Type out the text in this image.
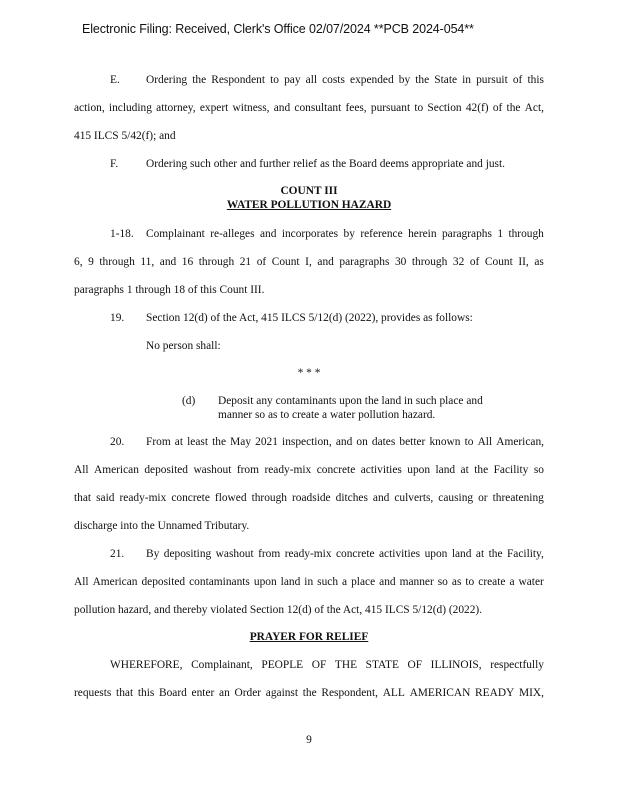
Electronic Filing: Received, Clerk's Office 02/07/2024 **PCB 2024-054**
E. Ordering the Respondent to pay all costs expended by the State in pursuit of this
action, including attorney, expert witness, and consultant fees, pursuant to Section 42(f) of the Act,
415 ILCS 5/42(f); and
F. Ordering such other and further relief as the Board deems appropriate and just.
COUNT III
WATER POLLUTION HAZARD
1-18. Complainant re-alleges and incorporates by reference herein paragraphs 1 through
6, 9 through 11, and 16 through 21 of Count I, and paragraphs 30 through 32 of Count II, as
paragraphs 1 through 18 of this Count III.
19. Section 12(d) of the Act, 415 ILCS 5/12(d) (2022), provides as follows:
No person shall:
* * *
(d) Deposit any contaminants upon the land in such place and
manner so as to create a water pollution hazard.
20. From at least the May 2021 inspection, and on dates better known to All American,
All American deposited washout from ready-mix concrete activities upon land at the Facility so
that said ready-mix concrete flowed through roadside ditches and culverts, causing or threatening
discharge into the Unnamed Tributary.
21. By depositing washout from ready-mix concrete activities upon land at the Facility,
All American deposited contaminants upon land in such a place and manner so as to create a water
pollution hazard, and thereby violated Section 12(d) of the Act, 415 ILCS 5/12(d) (2022).
PRAYER FOR RELIEF
WHEREFORE, Complainant, PEOPLE OF THE STATE OF ILLINOIS, respectfully
requests that this Board enter an Order against the Respondent, ALL AMERICAN READY MIX,
9
